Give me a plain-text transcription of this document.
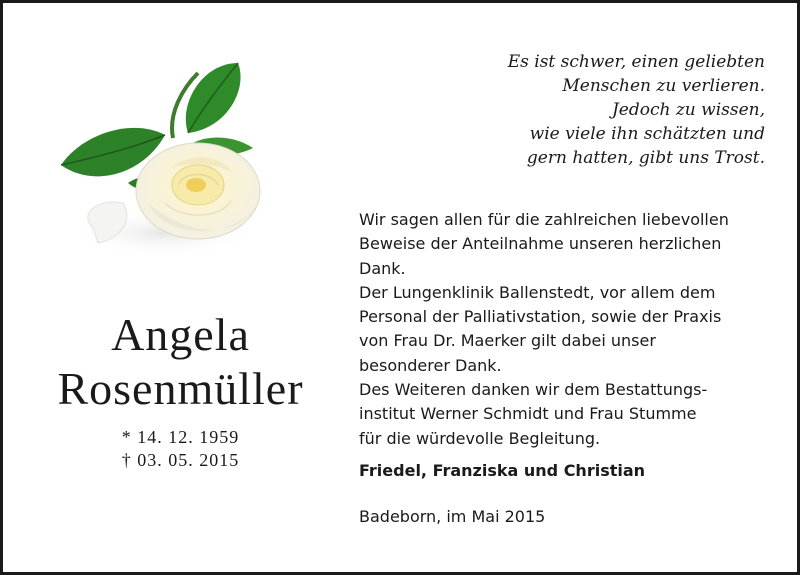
Es ist schwer, einen geliebten
Menschen zu verlieren.
Jedoch zu wissen,
wie viele ihn schätzten und
gern hatten, gibt uns Trost.
Angela
Rosenmüller
* 14. 12. 1959
† 03. 05. 2015
Wir sagen allen für die zahlreichen liebevollen
Beweise der Anteilnahme unseren herzlichen
Dank.
Der Lungenklinik Ballenstedt, vor allem dem
Personal der Palliativstation, sowie der Praxis
von Frau Dr. Maerker gilt dabei unser
besonderer Dank.
Des Weiteren danken wir dem Bestattungs-
institut Werner Schmidt und Frau Stumme
für die würdevolle Begleitung.
Friedel, Franziska und Christian
Badeborn, im Mai 2015
